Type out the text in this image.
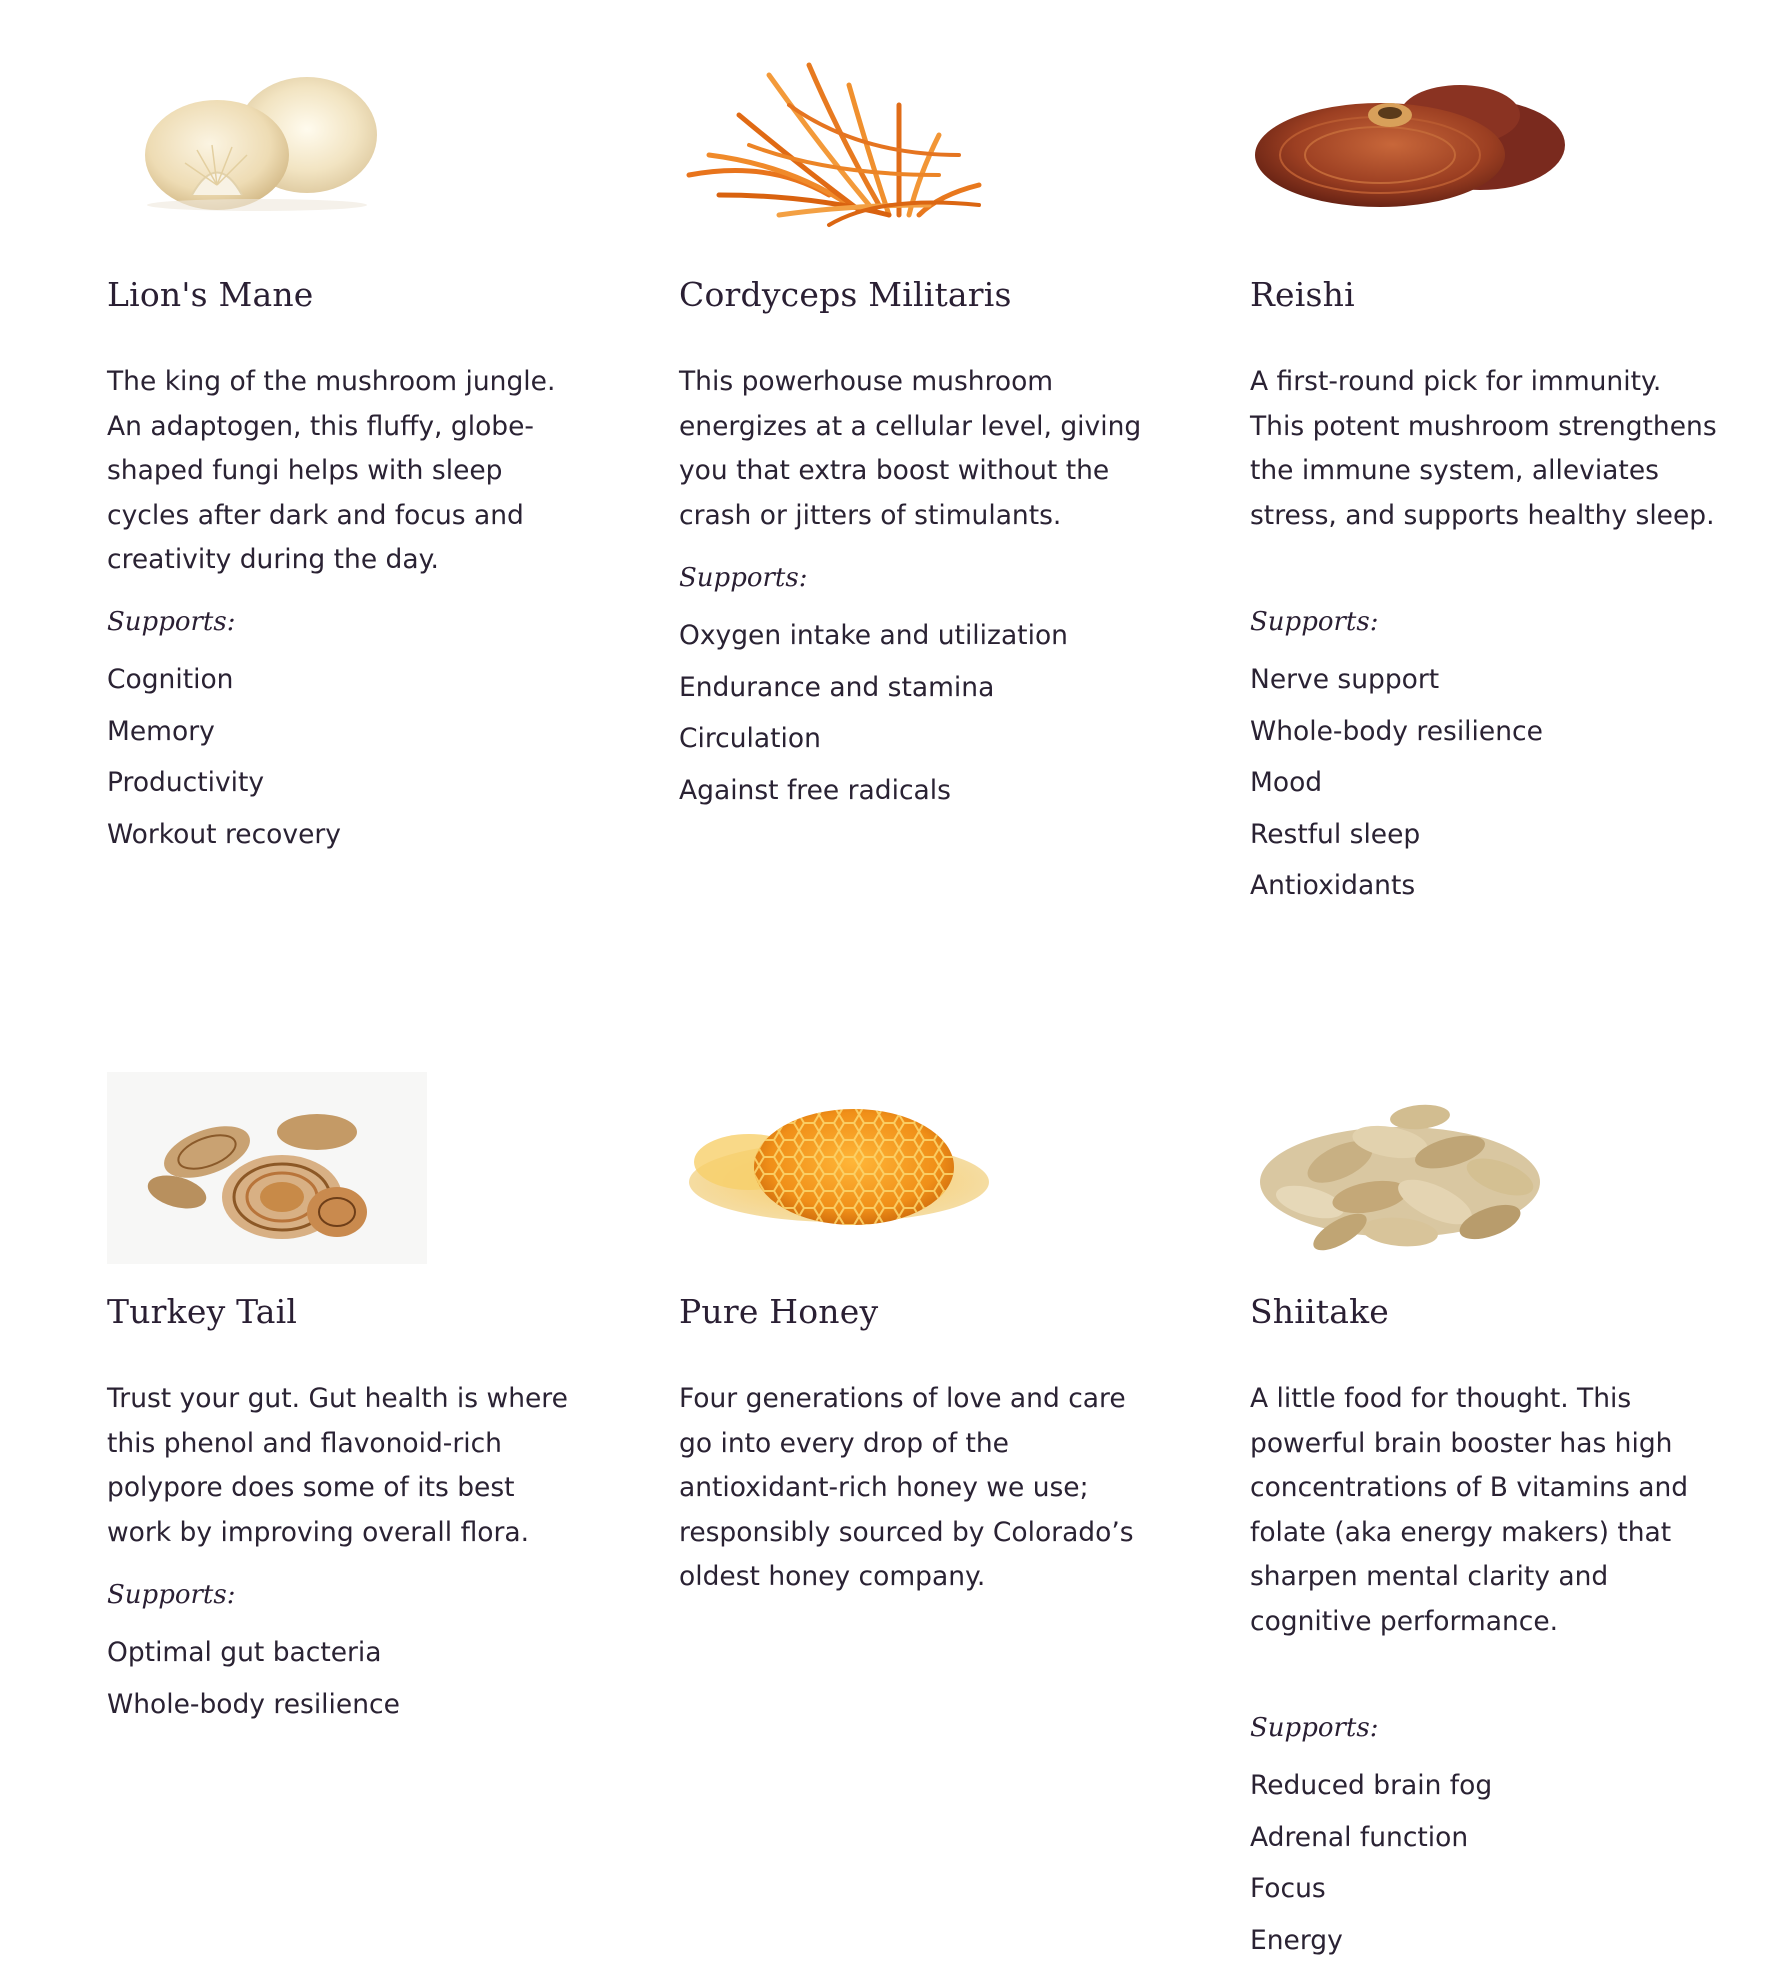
Lion's Mane

The king of the mushroom jungle. An adaptogen, this fluffy, globe-shaped fungi helps with sleep cycles after dark and focus and creativity during the day.

Supports:

Cognition
Memory
Productivity
Workout recovery
Cordyceps Militaris

This powerhouse mushroom energizes at a cellular level, giving you that extra boost without the crash or jitters of stimulants.

Supports:

Oxygen intake and utilization
Endurance and stamina
Circulation
Against free radicals
Reishi

A first-round pick for immunity. This potent mushroom strengthens the immune system, alleviates stress, and supports healthy sleep.

Supports:

Nerve support
Whole-body resilience
Mood
Restful sleep
Antioxidants
Turkey Tail

Trust your gut. Gut health is where this phenol and flavonoid-rich polypore does some of its best work by improving overall flora.

Supports:

Optimal gut bacteria
Whole-body resilience
Pure Honey

Four generations of love and care go into every drop of the antioxidant-rich honey we use; responsibly sourced by Colorado’s oldest honey company.

Shiitake

A little food for thought. This powerful brain booster has high concentrations of B vitamins and folate (aka energy makers) that sharpen mental clarity and cognitive performance.

Supports:

Reduced brain fog
Adrenal function
Focus
Energy
